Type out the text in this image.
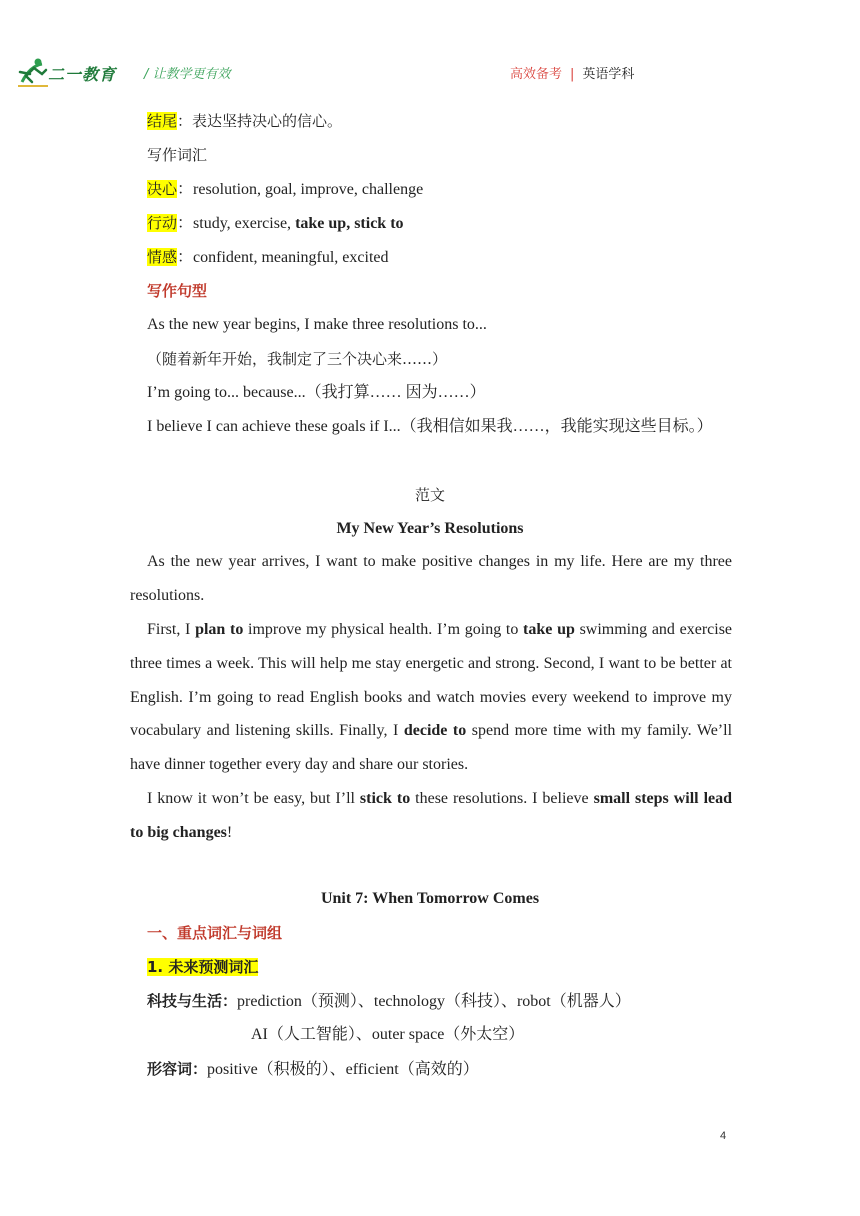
二一教育 / 让教学更有效	高效备考 | 英语学科
结尾：表达坚持决心的信心。
写作词汇
决心：resolution, goal, improve, challenge
行动：study, exercise, take up, stick to
情感：confident, meaningful, excited
写作句型
As the new year begins, I make three resolutions to...
（随着新年开始，我制定了三个决心来……）
I’m going to... because...（我打算…… 因为……）
I believe I can achieve these goals if I...（我相信如果我……，我能实现这些目标。）
范文
My New Year’s Resolutions
As the new year arrives, I want to make positive changes in my life. Here are my three resolutions.
First, I plan to improve my physical health. I’m going to take up swimming and exercise three times a week. This will help me stay energetic and strong. Second, I want to be better at English. I’m going to read English books and watch movies every weekend to improve my vocabulary and listening skills. Finally, I decide to spend more time with my family. We’ll have dinner together every day and share our stories.
I know it won’t be easy, but I’ll stick to these resolutions. I believe small steps will lead to big changes!
Unit 7: When Tomorrow Comes
一、重点词汇与词组
1. 未来预测词汇
科技与生活：prediction（预测）、technology（科技）、robot（机器人）
AI（人工智能）、outer space（外太空）
形容词：positive（积极的）、efficient（高效的）
4
